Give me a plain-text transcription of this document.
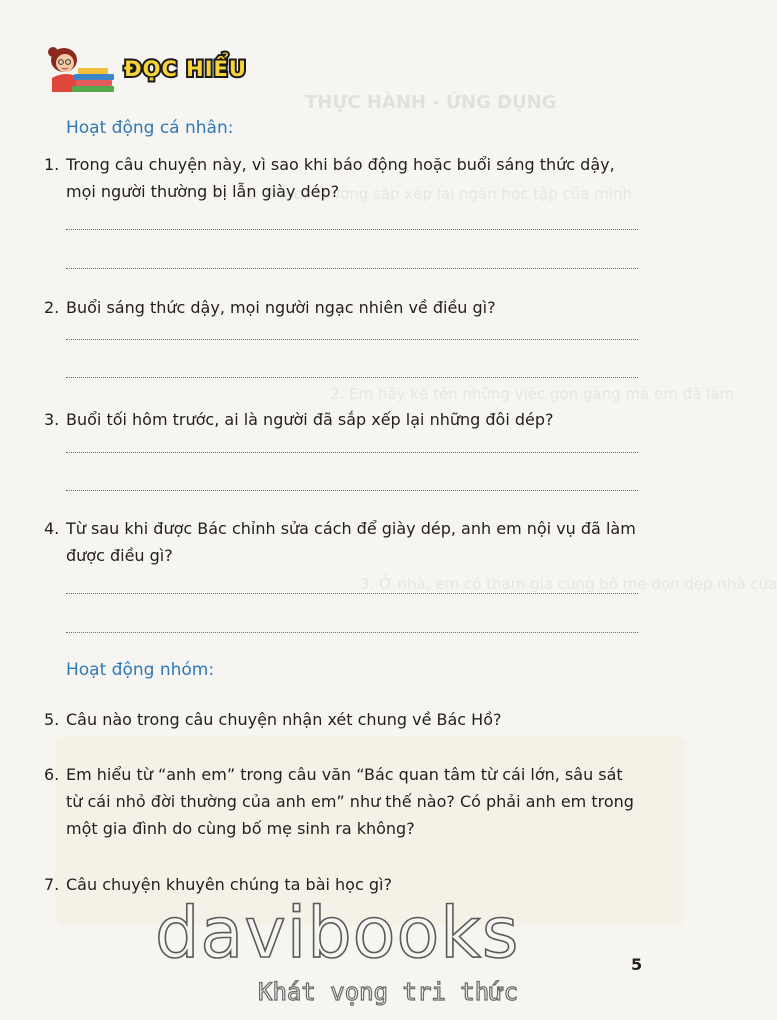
THỰC HÀNH - ỨNG DỤNG
1. Em có thường sắp xếp lại ngăn học tập của mình
2. Em hãy kể tên những việc gọn gàng mà em đã làm
3. Ở nhà, em có tham gia cùng bố mẹ dọn dẹp nhà cửa
ĐỌC HIỂU
Hoạt động cá nhân:
1. Trong câu chuyện này, vì sao khi báo động hoặc buổi sáng thức dậy, mọi người thường bị lẫn giày dép?
2. Buổi sáng thức dậy, mọi người ngạc nhiên về điều gì?
3. Buổi tối hôm trước, ai là người đã sắp xếp lại những đôi dép?
4. Từ sau khi được Bác chỉnh sửa cách để giày dép, anh em nội vụ đã làm được điều gì?
Hoạt động nhóm:
5. Câu nào trong câu chuyện nhận xét chung về Bác Hồ?
6. Em hiểu từ “anh em” trong câu văn “Bác quan tâm từ cái lớn, sâu sát từ cái nhỏ đời thường của anh em” như thế nào? Có phải anh em trong một gia đình do cùng bố mẹ sinh ra không?
7. Câu chuyện khuyên chúng ta bài học gì?
davibooks
Khát vọng tri thức
5
